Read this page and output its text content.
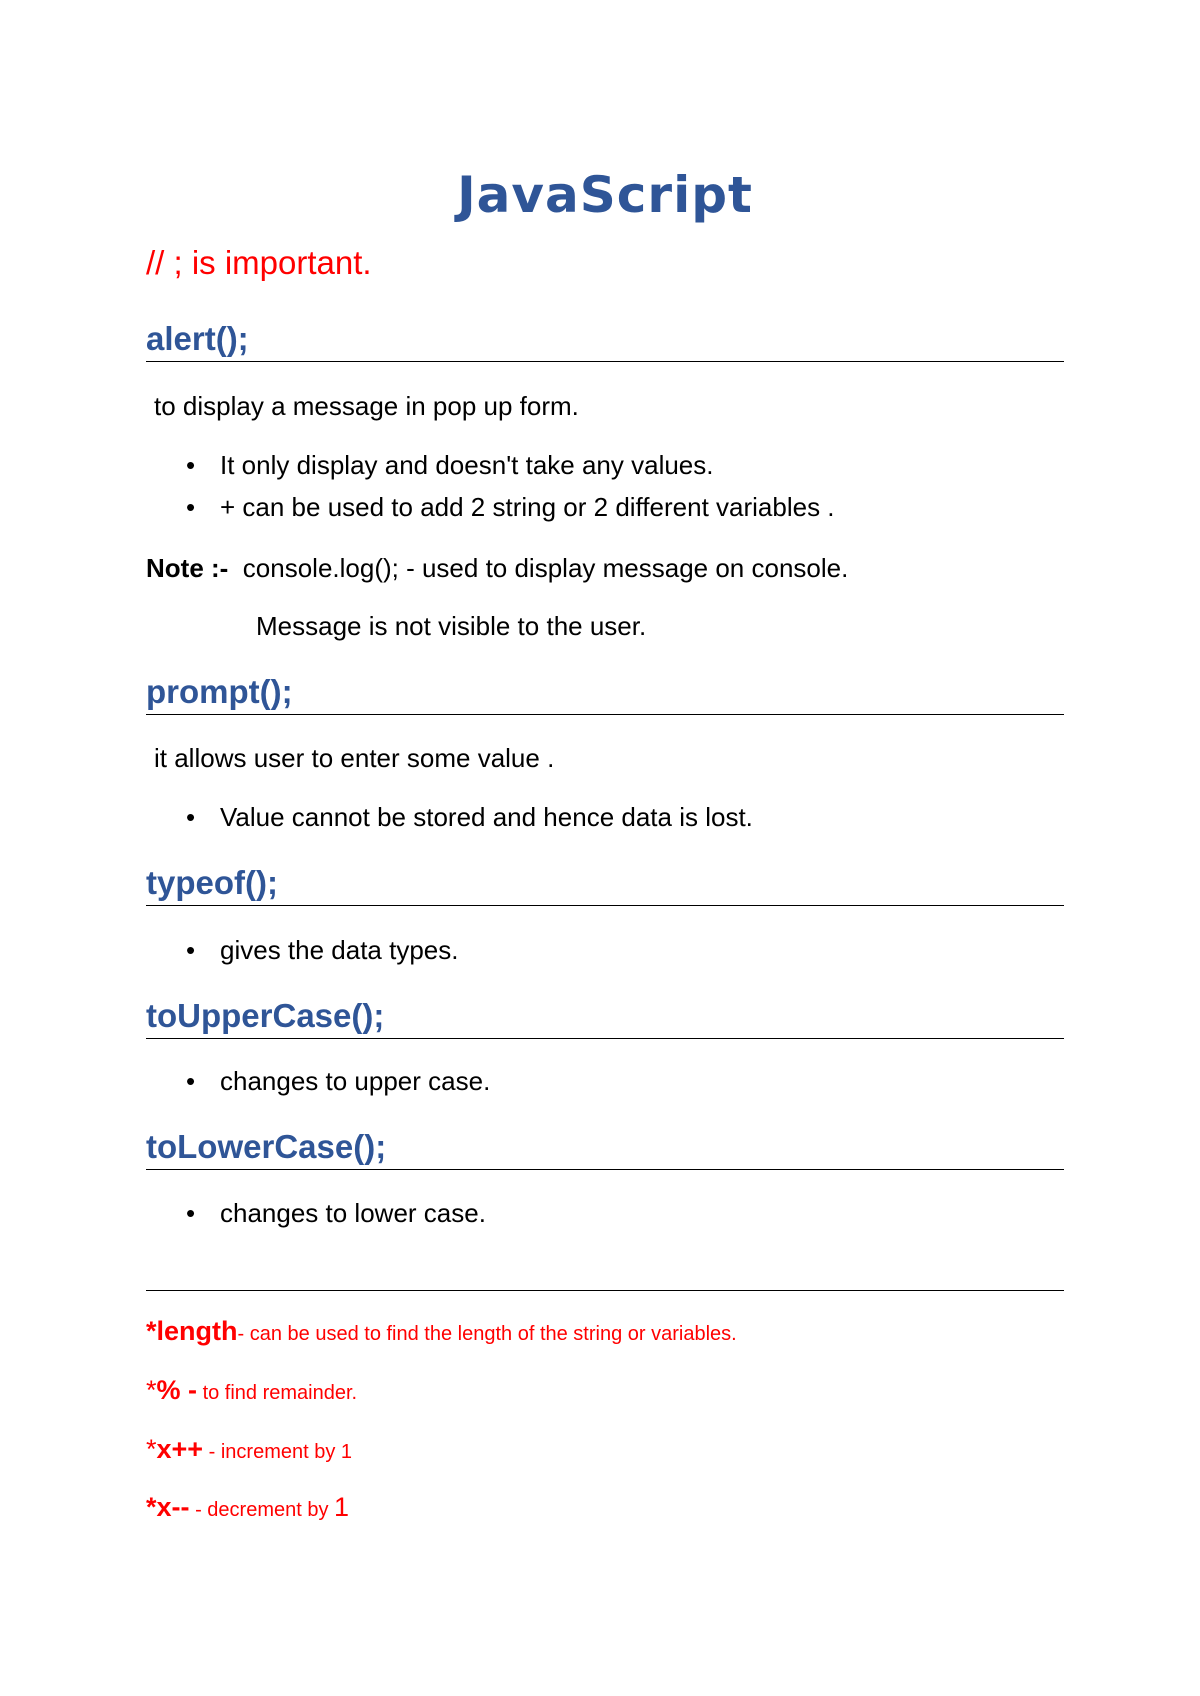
JavaScript
// ; is important.
alert();
to display a message in pop up form.
• It only display and doesn't take any values.
• + can be used to add 2 string or 2 different variables .
Note :- console.log(); - used to display message on console.
Message is not visible to the user.
prompt();
it allows user to enter some value .
• Value cannot be stored and hence data is lost.
typeof();
• gives the data types.
toUpperCase();
• changes to upper case.
toLowerCase();
• changes to lower case.
*length- can be used to find the length of the string or variables.
*% - to find remainder.
*x++ - increment by 1
*x-- - decrement by 1
